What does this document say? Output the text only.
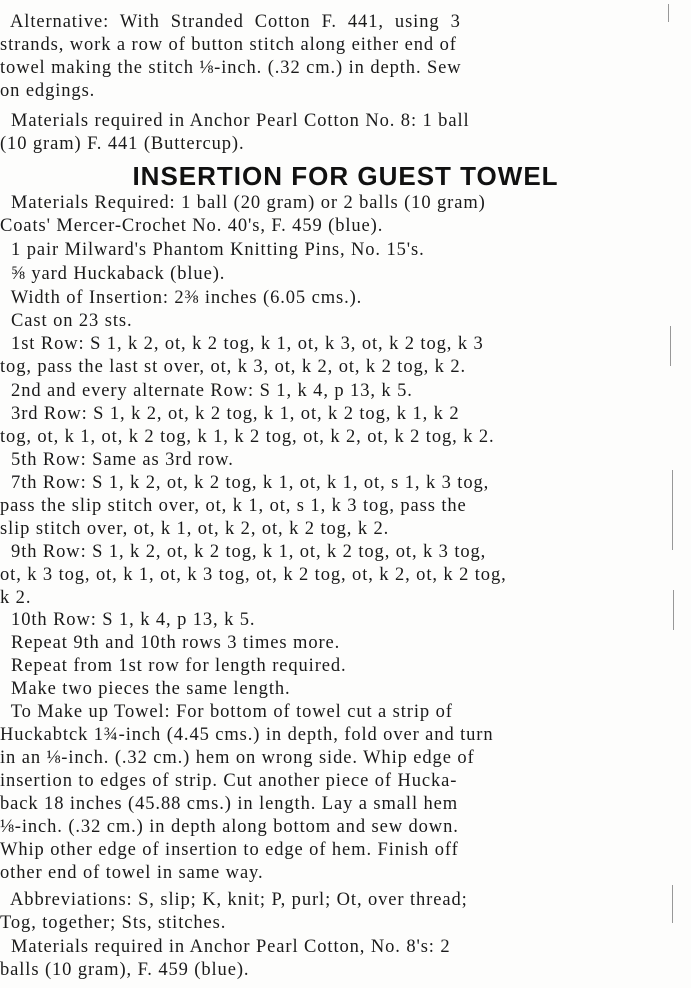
Alternative:  With  Stranded  Cotton  F.  441,  using  3
strands, work a row of button stitch along either end of
towel making the stitch ⅛-inch. (.32 cm.) in depth. Sew
on edgings.
Materials required in Anchor Pearl Cotton No. 8: 1 ball
(10 gram) F. 441 (Buttercup).
INSERTION FOR GUEST TOWEL
Materials Required: 1 ball (20 gram) or 2 balls (10 gram)
Coats' Mercer-Crochet No. 40's, F. 459 (blue).
1 pair Milward's Phantom Knitting Pins, No. 15's.
⅝ yard Huckaback (blue).
Width of Insertion: 2⅜ inches (6.05 cms.).
Cast on 23 sts.
1st Row: S 1, k 2, ot, k 2 tog, k 1, ot, k 3, ot, k 2 tog, k 3
tog, pass the last st over, ot, k 3, ot, k 2, ot, k 2 tog, k 2.
2nd and every alternate Row: S 1, k 4, p 13, k 5.
3rd Row: S 1, k 2, ot, k 2 tog, k 1, ot, k 2 tog, k 1, k 2
tog, ot, k 1, ot, k 2 tog, k 1, k 2 tog, ot, k 2, ot, k 2 tog, k 2.
5th Row: Same as 3rd row.
7th Row: S 1, k 2, ot, k 2 tog, k 1, ot, k 1, ot, s 1, k 3 tog,
pass the slip stitch over, ot, k 1, ot, s 1, k 3 tog, pass the
slip stitch over, ot, k 1, ot, k 2, ot, k 2 tog, k 2.
9th Row: S 1, k 2, ot, k 2 tog, k 1, ot, k 2 tog, ot, k 3 tog,
ot, k 3 tog, ot, k 1, ot, k 3 tog, ot, k 2 tog, ot, k 2, ot, k 2 tog,
k 2.
10th Row: S 1, k 4, p 13, k 5.
Repeat 9th and 10th rows 3 times more.
Repeat from 1st row for length required.
Make two pieces the same length.
To Make up Towel: For bottom of towel cut a strip of
Huckabtck 1¾-inch (4.45 cms.) in depth, fold over and turn
in an ⅛-inch. (.32 cm.) hem on wrong side. Whip edge of
insertion to edges of strip. Cut another piece of Hucka-
back 18 inches (45.88 cms.) in length. Lay a small hem
⅛-inch. (.32 cm.) in depth along bottom and sew down.
Whip other edge of insertion to edge of hem. Finish off
other end of towel in same way.
Abbreviations: S, slip; K, knit; P, purl; Ot, over thread;
Tog, together; Sts, stitches.
Materials required in Anchor Pearl Cotton, No. 8's: 2
balls (10 gram), F. 459 (blue).
